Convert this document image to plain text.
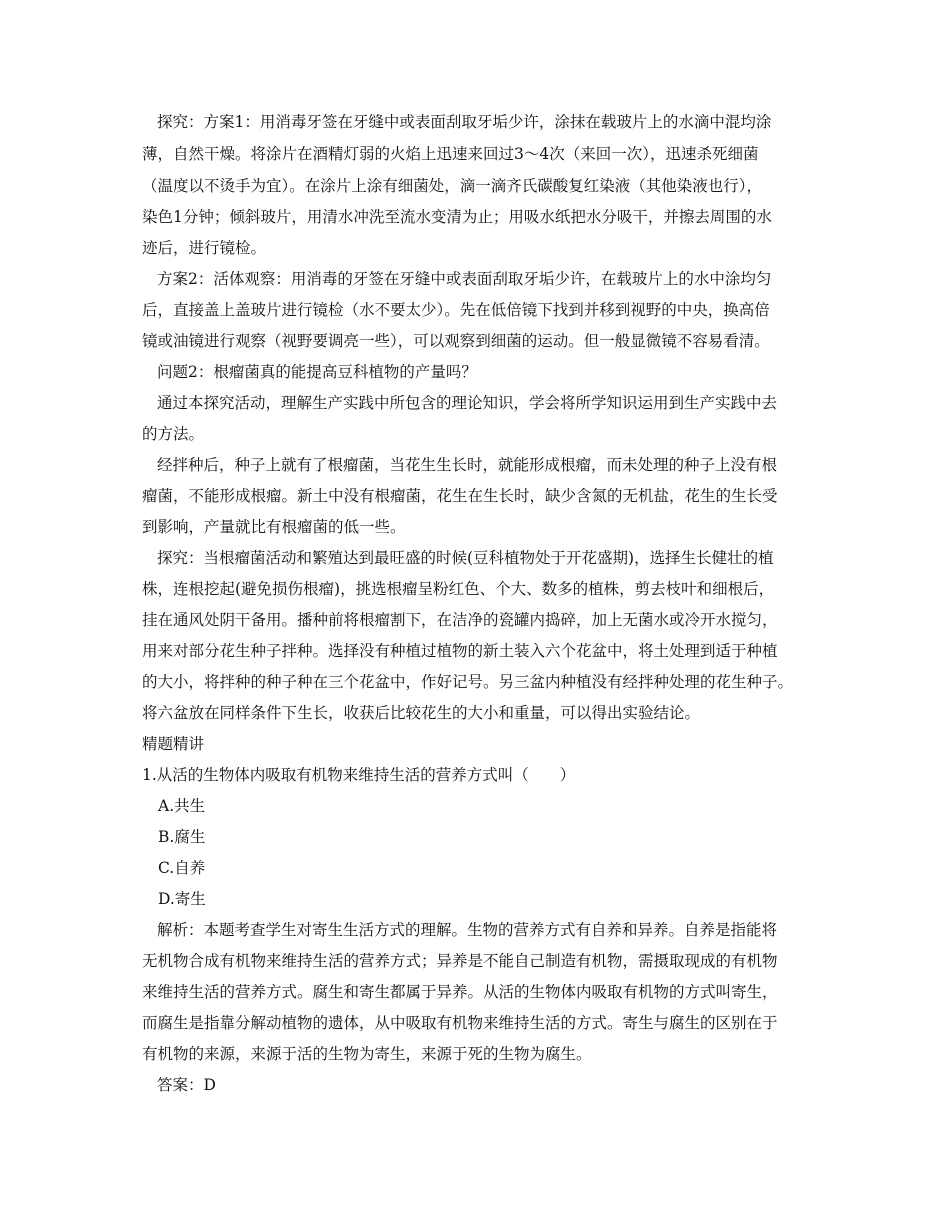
探究：方案1：用消毒牙签在牙缝中或表面刮取牙垢少许，涂抹在载玻片上的水滴中混均涂

薄，自然干燥。将涂片在酒精灯弱的火焰上迅速来回过3～4次（来回一次），迅速杀死细菌

（温度以不烫手为宜）。在涂片上涂有细菌处，滴一滴齐氏碳酸复红染液（其他染液也行），

染色1分钟；倾斜玻片，用清水冲洗至流水变清为止；用吸水纸把水分吸干，并擦去周围的水

迹后，进行镜检。

方案2：活体观察：用消毒的牙签在牙缝中或表面刮取牙垢少许，在载玻片上的水中涂均匀

后，直接盖上盖玻片进行镜检（水不要太少）。先在低倍镜下找到并移到视野的中央，换高倍

镜或油镜进行观察（视野要调亮一些），可以观察到细菌的运动。但一般显微镜不容易看清。

问题2：根瘤菌真的能提高豆科植物的产量吗？

通过本探究活动，理解生产实践中所包含的理论知识，学会将所学知识运用到生产实践中去

的方法。

经拌种后，种子上就有了根瘤菌，当花生生长时，就能形成根瘤，而未处理的种子上没有根

瘤菌，不能形成根瘤。新土中没有根瘤菌，花生在生长时，缺少含氮的无机盐，花生的生长受

到影响，产量就比有根瘤菌的低一些。

探究：当根瘤菌活动和繁殖达到最旺盛的时候(豆科植物处于开花盛期)，选择生长健壮的植

株，连根挖起(避免损伤根瘤)，挑选根瘤呈粉红色、个大、数多的植株，剪去枝叶和细根后，

挂在通风处阴干备用。播种前将根瘤割下，在洁净的瓷罐内捣碎，加上无菌水或冷开水搅匀，

用来对部分花生种子拌种。选择没有种植过植物的新土装入六个花盆中，将土处理到适于种植

的大小，将拌种的种子种在三个花盆中，作好记号。另三盆内种植没有经拌种处理的花生种子。

将六盆放在同样条件下生长，收获后比较花生的大小和重量，可以得出实验结论。

精题精讲

1.从活的生物体内吸取有机物来维持生活的营养方式叫（　　）

A.共生

B.腐生

C.自养

D.寄生

解析：本题考查学生对寄生生活方式的理解。生物的营养方式有自养和异养。自养是指能将

无机物合成有机物来维持生活的营养方式；异养是不能自己制造有机物，需摄取现成的有机物

来维持生活的营养方式。腐生和寄生都属于异养。从活的生物体内吸取有机物的方式叫寄生，

而腐生是指靠分解动植物的遗体，从中吸取有机物来维持生活的方式。寄生与腐生的区别在于

有机物的来源，来源于活的生物为寄生，来源于死的生物为腐生。

答案：D
